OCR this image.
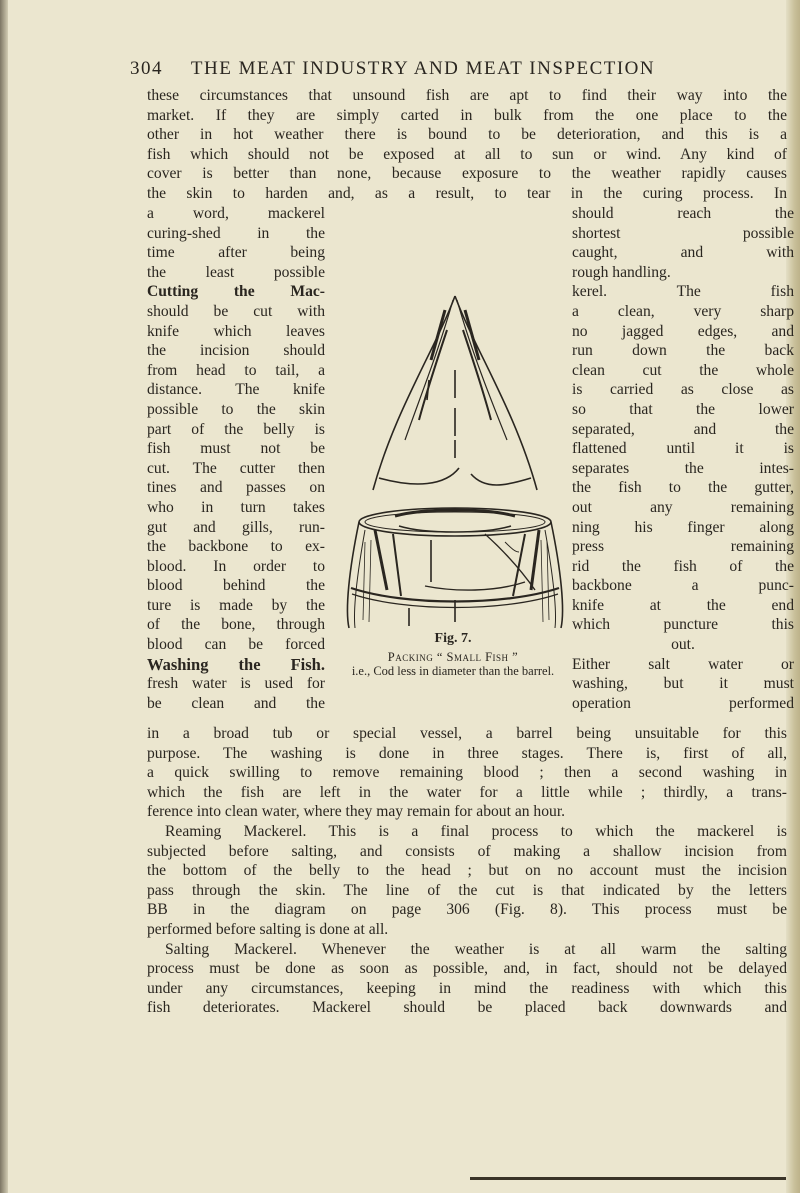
304 THE MEAT INDUSTRY AND MEAT INSPECTION
these circumstances that unsound fish are apt to find their way into the
market. If they are simply carted in bulk from the one place to the
other in hot weather there is bound to be deterioration, and this is a
fish which should not be exposed at all to sun or wind. Any kind of
cover is better than none, because exposure to the weather rapidly causes
the skin to harden and, as a result, to tear in the curing process. In
a word, mackerel
curing-shed in the
time after being
the least possible
Cutting the Mac-
should be cut with
knife which leaves
the incision should
from head to tail, a
distance. The knife
possible to the skin
part of the belly is
fish must not be
cut. The cutter then
tines and passes on
who in turn takes
gut and gills, run-
the backbone to ex-
blood. In order to
blood behind the
ture is made by the
of the bone, through
blood can be forced
Washing the Fish.
fresh water is used for
be clean and the
should reach the
shortest possible
caught, and with
rough handling.
kerel. The fish
a clean, very sharp
no jagged edges, and
run down the back
clean cut the whole
is carried as close as
so that the lower
separated, and the
flattened until it is
separates the intes-
the fish to the gutter,
out any remaining
ning his finger along
press remaining
rid the fish of the
backbone a punc-
knife at the end
which puncture this
out.
Either salt water or
washing, but it must
operation performed
Fig. 7.
Packing “ Small Fish ”
i.e., Cod less in diameter than the barrel.
in a broad tub or special vessel, a barrel being unsuitable for this
purpose. The washing is done in three stages. There is, first of all,
a quick swilling to remove remaining blood ; then a second washing in
which the fish are left in the water for a little while ; thirdly, a trans-
ference into clean water, where they may remain for about an hour.
Reaming Mackerel. This is a final process to which the mackerel is
subjected before salting, and consists of making a shallow incision from
the bottom of the belly to the head ; but on no account must the incision
pass through the skin. The line of the cut is that indicated by the letters
BB in the diagram on page 306 (Fig. 8). This process must be
performed before salting is done at all.
Salting Mackerel. Whenever the weather is at all warm the salting
process must be done as soon as possible, and, in fact, should not be delayed
under any circumstances, keeping in mind the readiness with which this
fish deteriorates. Mackerel should be placed back downwards and
